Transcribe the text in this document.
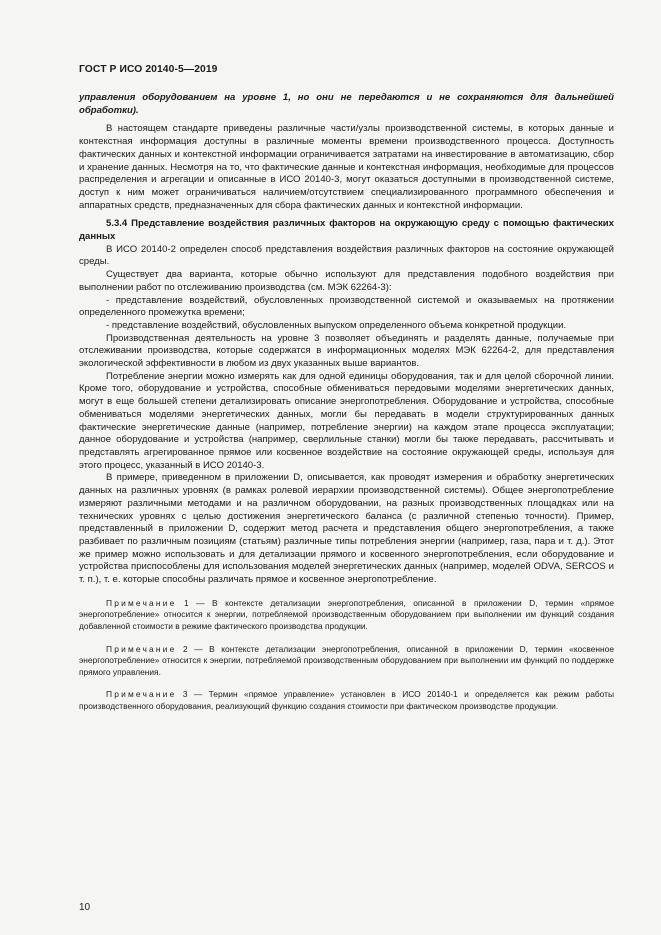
ГОСТ Р ИСО 20140-5—2019

управления оборудованием на уровне 1, но они не передаются и не сохраняются для дальнейшей обработки).

В настоящем стандарте приведены различные части/узлы производственной системы, в которых данные и контекстная информация доступны в различные моменты времени производственного процесса. Доступность фактических данных и контекстной информации ограничивается затратами на инвестирование в автоматизацию, сбор и хранение данных. Несмотря на то, что фактические данные и контекстная информация, необходимые для процессов распределения и агрегации и описанные в ИСО 20140-3, могут оказаться доступными в производственной системе, доступ к ним может ограничиваться наличием/отсутствием специализированного программного обеспечения и аппаратных средств, предназначенных для сбора фактических данных и контекстной информации.

5.3.4 Представление воздействия различных факторов на окружающую среду с помощью фактических данных

В ИСО 20140-2 определен способ представления воздействия различных факторов на состояние окружающей среды.

Существует два варианта, которые обычно используют для представления подобного воздействия при выполнении работ по отслеживанию производства (см. МЭК 62264-3):

- представление воздействий, обусловленных производственной системой и оказываемых на протяжении определенного промежутка времени;

- представление воздействий, обусловленных выпуском определенного объема конкретной продукции.

Производственная деятельность на уровне 3 позволяет объединять и разделять данные, получаемые при отслеживании производства, которые содержатся в информационных моделях МЭК 62264-2, для представления экологической эффективности в любом из двух указанных выше вариантов.

Потребление энергии можно измерять как для одной единицы оборудования, так и для целой сборочной линии. Кроме того, оборудование и устройства, способные обмениваться передовыми моделями энергетических данных, могут в еще большей степени детализировать описание энергопотребления. Оборудование и устройства, способные обмениваться моделями энергетических данных, могли бы передавать в модели структурированных данных фактические энергетические данные (например, потребление энергии) на каждом этапе процесса эксплуатации; данное оборудование и устройства (например, сверлильные станки) могли бы также передавать, рассчитывать и представлять агрегированное прямое или косвенное воздействие на состояние окружающей среды, используя для этого процесс, указанный в ИСО 20140-3.

В примере, приведенном в приложении D, описывается, как проводят измерения и обработку энергетических данных на различных уровнях (в рамках ролевой иерархии производственной системы). Общее энергопотребление измеряют различными методами и на различном оборудовании, на разных производственных площадках или на технических уровнях с целью достижения энергетического баланса (с различной степенью точности). Пример, представленный в приложении D, содержит метод расчета и представления общего энергопотребления, а также разбивает по различным позициям (статьям) различные типы потребления энергии (например, газа, пара и т. д.). Этот же пример можно использовать и для детализации прямого и косвенного энергопотребления, если оборудование и устройства приспособлены для использования моделей энергетических данных (например, моделей ODVA, SERCOS и т. п.), т. е. которые способны различать прямое и косвенное энергопотребление.

Примечание 1 — В контексте детализации энергопотребления, описанной в приложении D, термин «прямое энергопотребление» относится к энергии, потребляемой производственным оборудованием при выполнении им функций создания добавленной стоимости в режиме фактического производства продукции.

Примечание 2 — В контексте детализации энергопотребления, описанной в приложении D, термин «косвенное энергопотребление» относится к энергии, потребляемой производственным оборудованием при выполнении им функций по поддержке прямого управления.

Примечание 3 — Термин «прямое управление» установлен в ИСО 20140-1 и определяется как режим работы производственного оборудования, реализующий функцию создания стоимости при фактическом производстве продукции.

10
